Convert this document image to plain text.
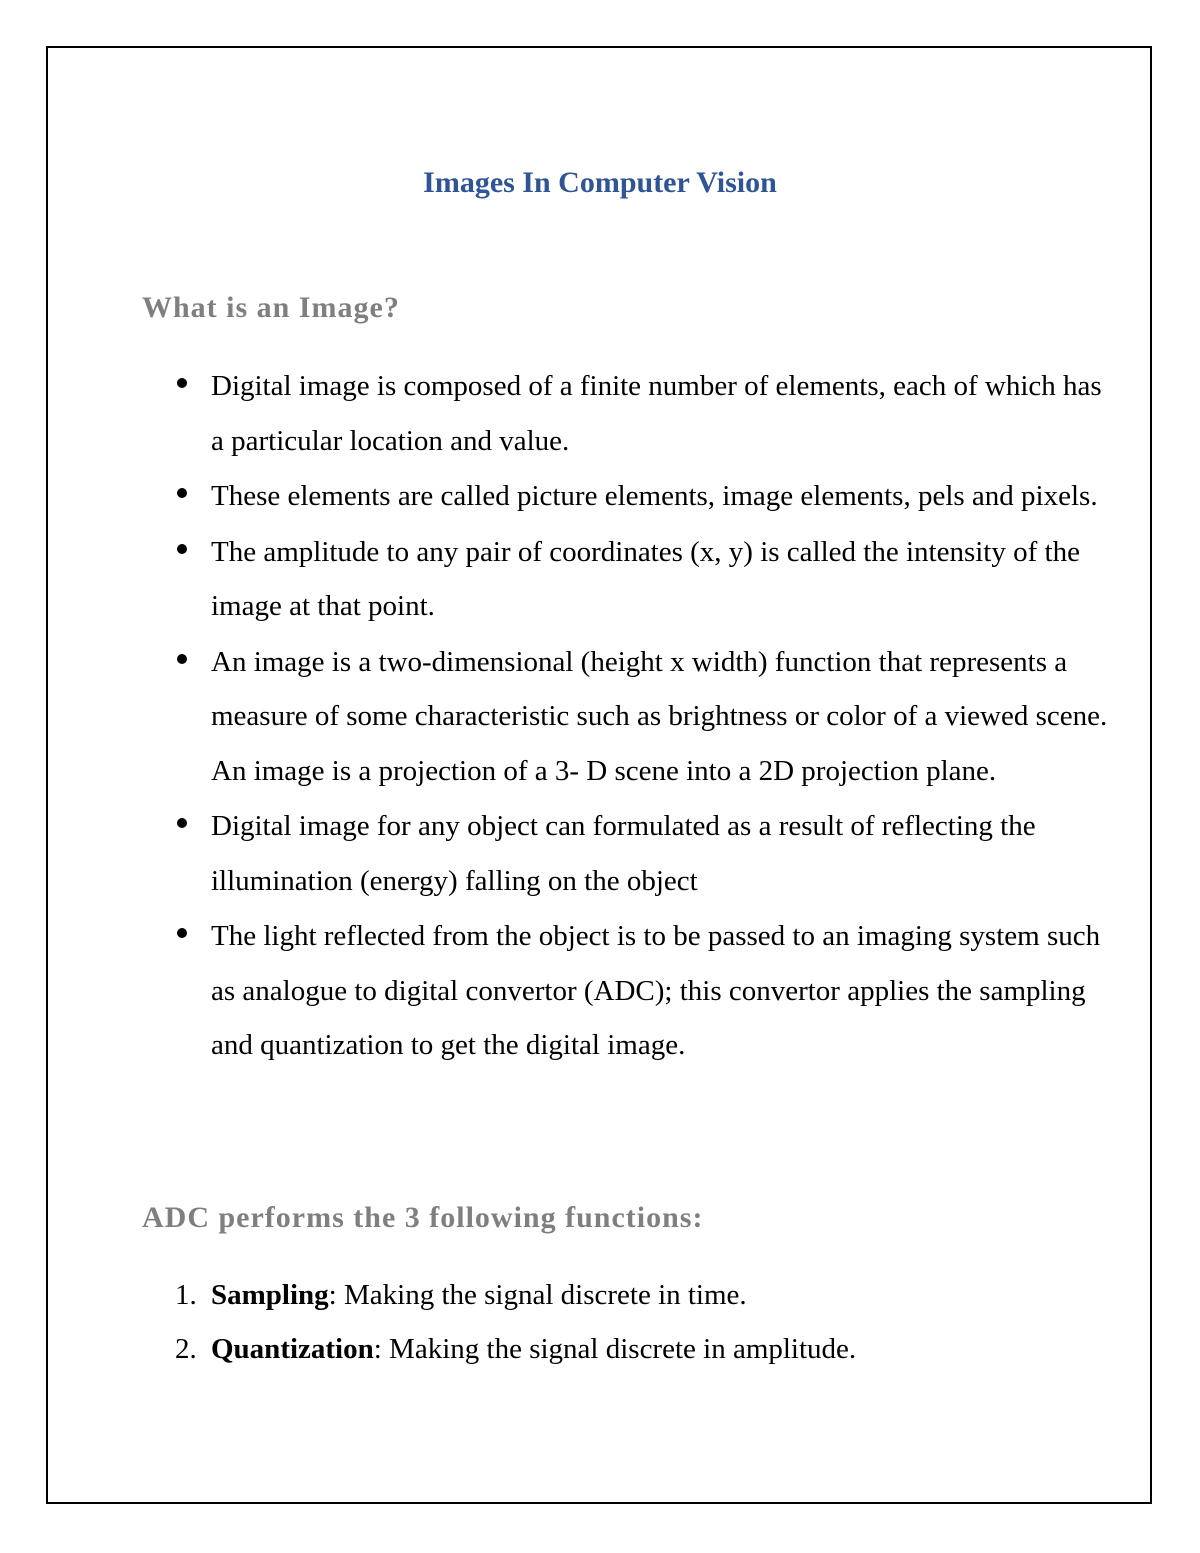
Images In Computer Vision
What is an Image?
Digital image is composed of a finite number of elements, each of which has a particular location and value.
These elements are called picture elements, image elements, pels and pixels.
The amplitude to any pair of coordinates (x, y) is called the intensity of the image at that point.
An image is a two-dimensional (height x width) function that represents a measure of some characteristic such as brightness or color of a viewed scene. An image is a projection of a 3- D scene into a 2D projection plane.
Digital image for any object can formulated as a result of reflecting the illumination (energy) falling on the object
The light reflected from the object is to be passed to an imaging system such as analogue to digital convertor (ADC); this convertor applies the sampling and quantization to get the digital image.
ADC performs the 3 following functions:
1. Sampling: Making the signal discrete in time.
2. Quantization: Making the signal discrete in amplitude.
